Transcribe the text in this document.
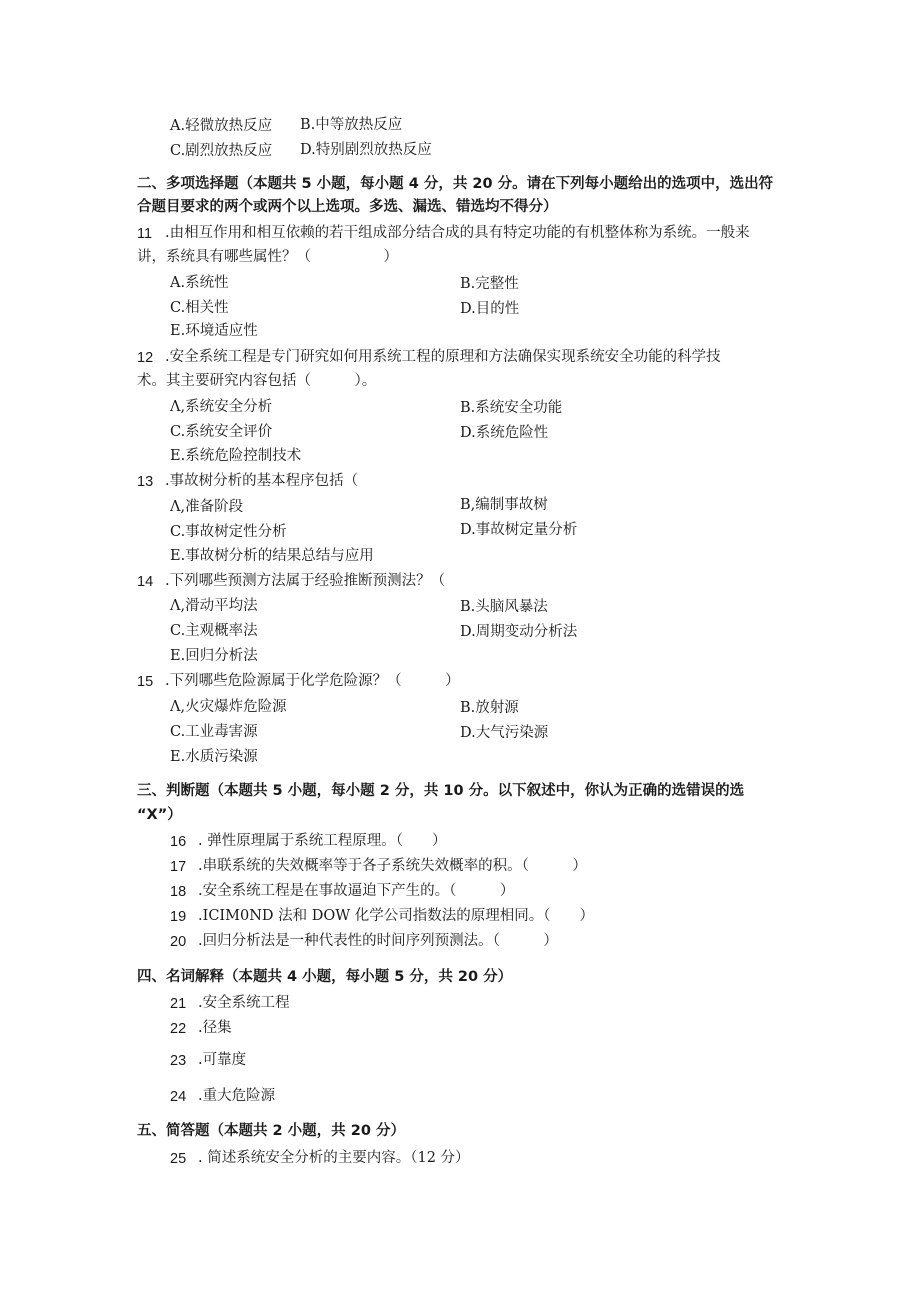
A.轻微放热反应 B.中等放热反应
C.剧烈放热反应 D.特别剧烈放热反应
二、多项选择题（本题共 5 小题，每小题 4 分，共 20 分。请在下列每小题给出的选项中，选出符
合题目要求的两个或两个以上选项。多选、漏选、错选均不得分）
11 .由相互作用和相互依赖的若干组成部分结合成的具有特定功能的有机整体称为系统。一般来
讲，系统具有哪些属性？（　　　　　）
A.系统性	B.完整性
C.相关性	D.目的性
E.环境适应性
12 .安全系统工程是专门研究如何用系统工程的原理和方法确保实现系统安全功能的科学技
术。其主要研究内容包括（　　　）。
Λ,系统安全分析	B.系统安全功能
C.系统安全评价	D.系统危险性
E.系统危险控制技术
13 .事故树分析的基本程序包括（
Λ,准备阶段	B,编制事故树
C.事故树定性分析	D.事故树定量分析
E.事故树分析的结果总结与应用
14 .下列哪些预测方法属于经验推断预测法？（
Λ,滑动平均法	B.头脑风暴法
C.主观概率法	D.周期变动分析法
E.回归分析法
15 .下列哪些危险源属于化学危险源？（　　　）
Λ,火灾爆炸危险源	B.放射源
C.工业毒害源	D.大气污染源
E.水质污染源
三、判断题（本题共 5 小题，每小题 2 分，共 10 分。以下叙述中，你认为正确的选错误的选
“X”）
16 . 弹性原理属于系统工程原理。（　　）
17 .串联系统的失效概率等于各子系统失效概率的积。（　　　）
18 .安全系统工程是在事故逼迫下产生的。（　　　）
19 .ICIM0ND 法和 DOW 化学公司指数法的原理相同。（　　）
20 .回归分析法是一种代表性的时间序列预测法。（　　　）
四、名词解释（本题共 4 小题，每小题 5 分，共 20 分）
21 .安全系统工程
22 .径集
23 .可靠度
24 .重大危险源
五、简答题（本题共 2 小题，共 20 分）
25 . 简述系统安全分析的主要内容。（12 分）
